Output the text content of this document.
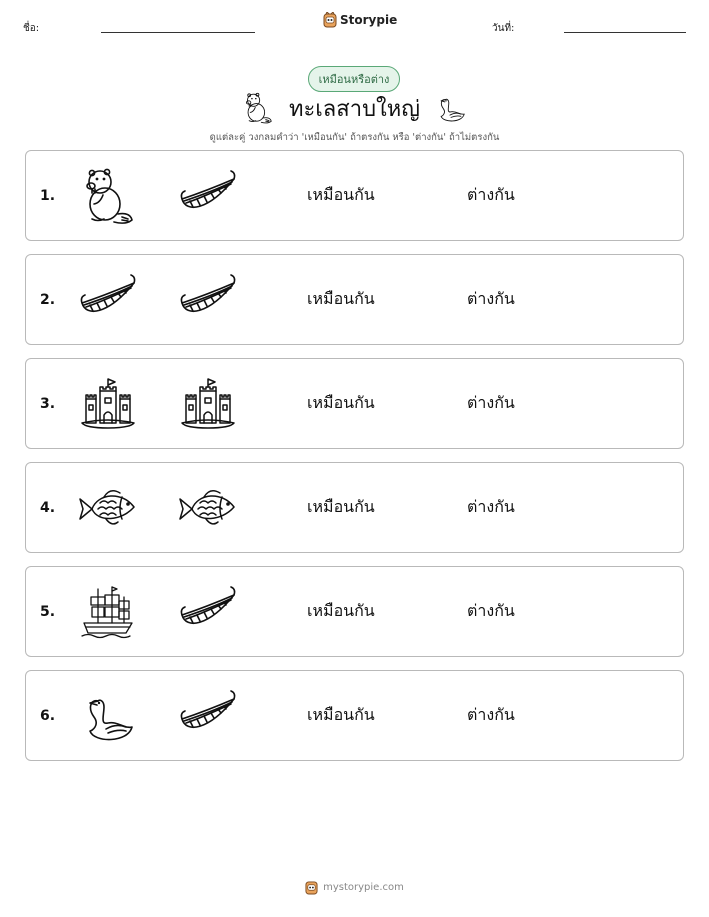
ชื่อ:
Storypie
วันที่:
เหมือนหรือต่าง
ทะเลสาบใหญ่
ดูแต่ละคู่ วงกลมคำว่า 'เหมือนกัน' ถ้าตรงกัน หรือ 'ต่างกัน' ถ้าไม่ตรงกัน
1.	เหมือนกัน	ต่างกัน
2.	เหมือนกัน	ต่างกัน
3.	เหมือนกัน	ต่างกัน
4.	เหมือนกัน	ต่างกัน
5.	เหมือนกัน	ต่างกัน
6.	เหมือนกัน	ต่างกัน
mystorypie.com
